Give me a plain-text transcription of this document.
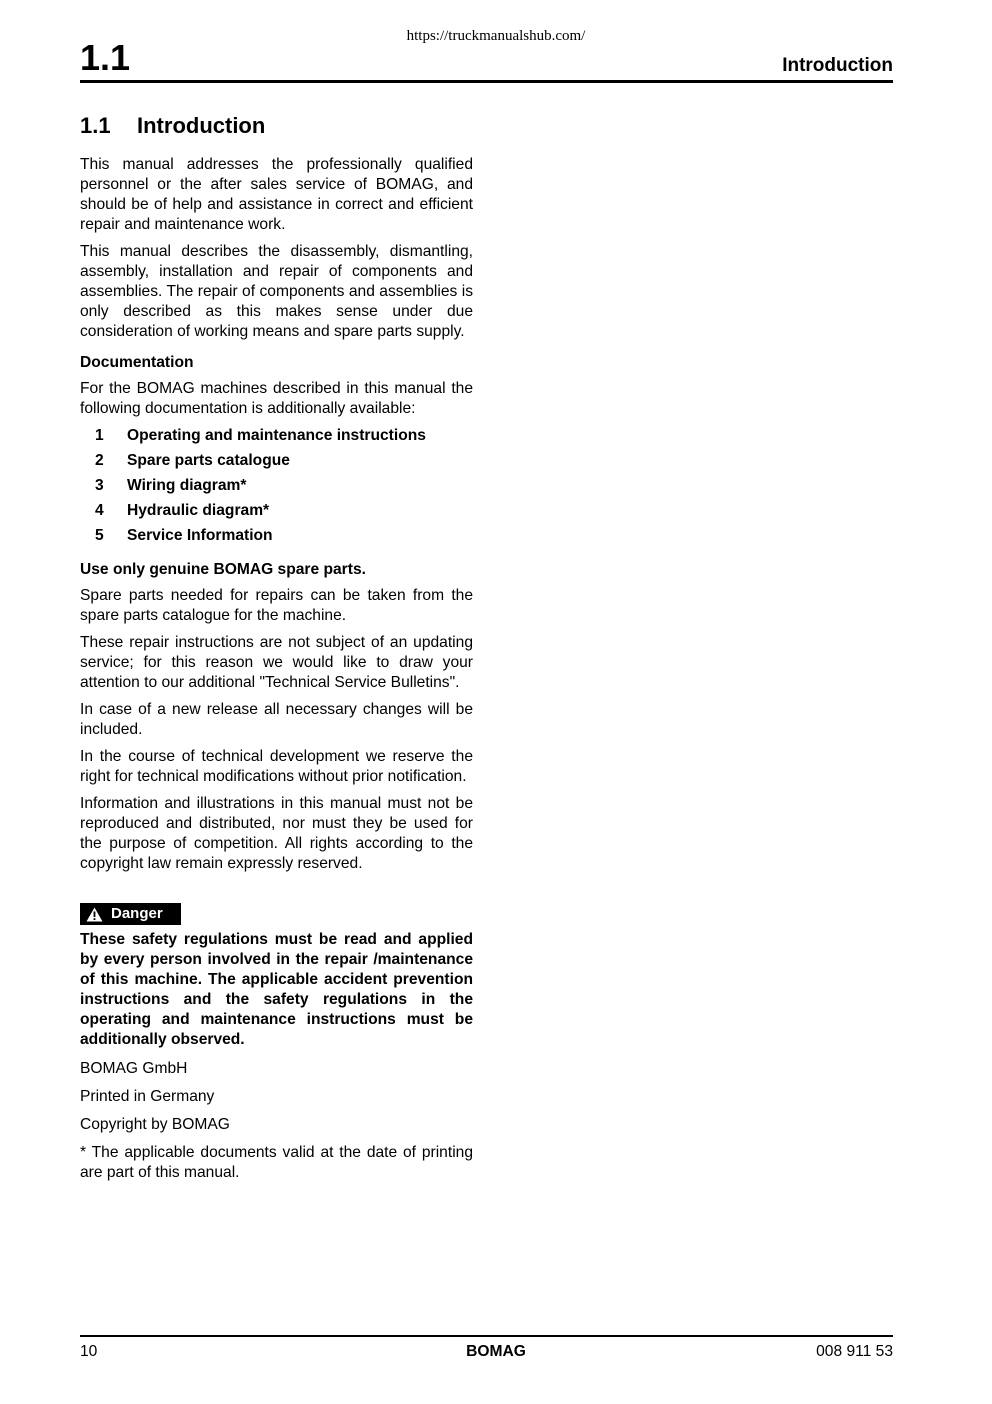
https://truckmanualshub.com/
1.1	Introduction
1.1 Introduction

This manual addresses the professionally qualified personnel or the after sales service of BOMAG, and should be of help and assistance in correct and efficient repair and maintenance work.

This manual describes the disassembly, dismantling, assembly, installation and repair of components and assemblies. The repair of components and assemblies is only described as this makes sense under due consideration of working means and spare parts supply.

Documentation

For the BOMAG machines described in this manual the following documentation is additionally available:

1	Operating and maintenance instructions
2	Spare parts catalogue
3	Wiring diagram*
4	Hydraulic diagram*
5	Service Information
Use only genuine BOMAG spare parts.

Spare parts needed for repairs can be taken from the spare parts catalogue for the machine.

These repair instructions are not subject of an updating service; for this reason we would like to draw your attention to our additional "Technical Service Bulletins".

In case of a new release all necessary changes will be included.

In the course of technical development we reserve the right for technical modifications without prior notification.

Information and illustrations in this manual must not be reproduced and distributed, nor must they be used for the purpose of competition. All rights according to the copyright law remain expressly reserved.

Danger
These safety regulations must be read and applied by every person involved in the repair /maintenance of this machine. The applicable accident prevention instructions and the safety regulations in the operating and maintenance instructions must be additionally observed.
BOMAG GmbH
Printed in Germany
Copyright by BOMAG

* The applicable documents valid at the date of printing are part of this manual.

10	BOMAG	008 911 53
